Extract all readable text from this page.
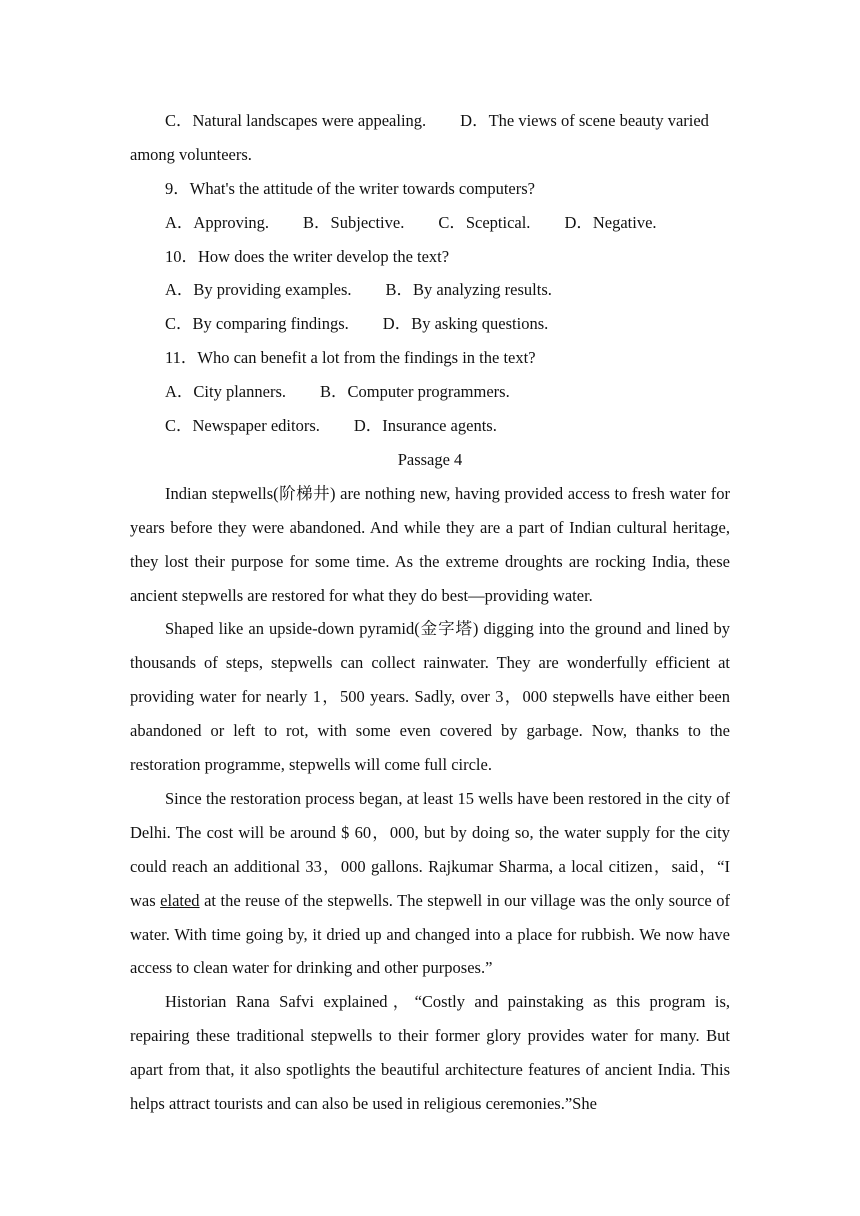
C．Natural landscapes were appealing. D．The views of scene beauty varied
among volunteers.
9．What's the attitude of the writer towards computers?
A．Approving. B．Subjective. C．Sceptical. D．Negative.
10．How does the writer develop the text?
A．By providing examples. B．By analyzing results.
C．By comparing findings. D．By asking questions.
11．Who can benefit a lot from the findings in the text?
A．City planners. B．Computer programmers.
C．Newspaper editors. D．Insurance agents.
Passage 4

Indian stepwells(阶梯井) are nothing new, having provided access to fresh water for years before they were abandoned. And while they are a part of Indian cultural heritage, they lost their purpose for some time. As the extreme droughts are rocking India, these ancient stepwells are restored for what they do best—providing water.

Shaped like an upside-down pyramid(金字塔) digging into the ground and lined by thousands of steps, stepwells can collect rainwater. They are wonderfully efficient at providing water for nearly 1，500 years. Sadly, over 3，000 stepwells have either been abandoned or left to rot, with some even covered by garbage. Now, thanks to the restoration programme, stepwells will come full circle.

Since the restoration process began, at least 15 wells have been restored in the city of Delhi. The cost will be around $ 60，000, but by doing so, the water supply for the city could reach an additional 33，000 gallons. Rajkumar Sharma, a local citizen，said，“I was elated at the reuse of the stepwells. The stepwell in our village was the only source of water. With time going by, it dried up and changed into a place for rubbish. We now have access to clean water for drinking and other purposes.”

Historian Rana Safvi explained，“Costly and painstaking as this program is, repairing these traditional stepwells to their former glory provides water for many. But apart from that, it also spotlights the beautiful architecture features of ancient India. This helps attract tourists and can also be used in religious ceremonies.”She
